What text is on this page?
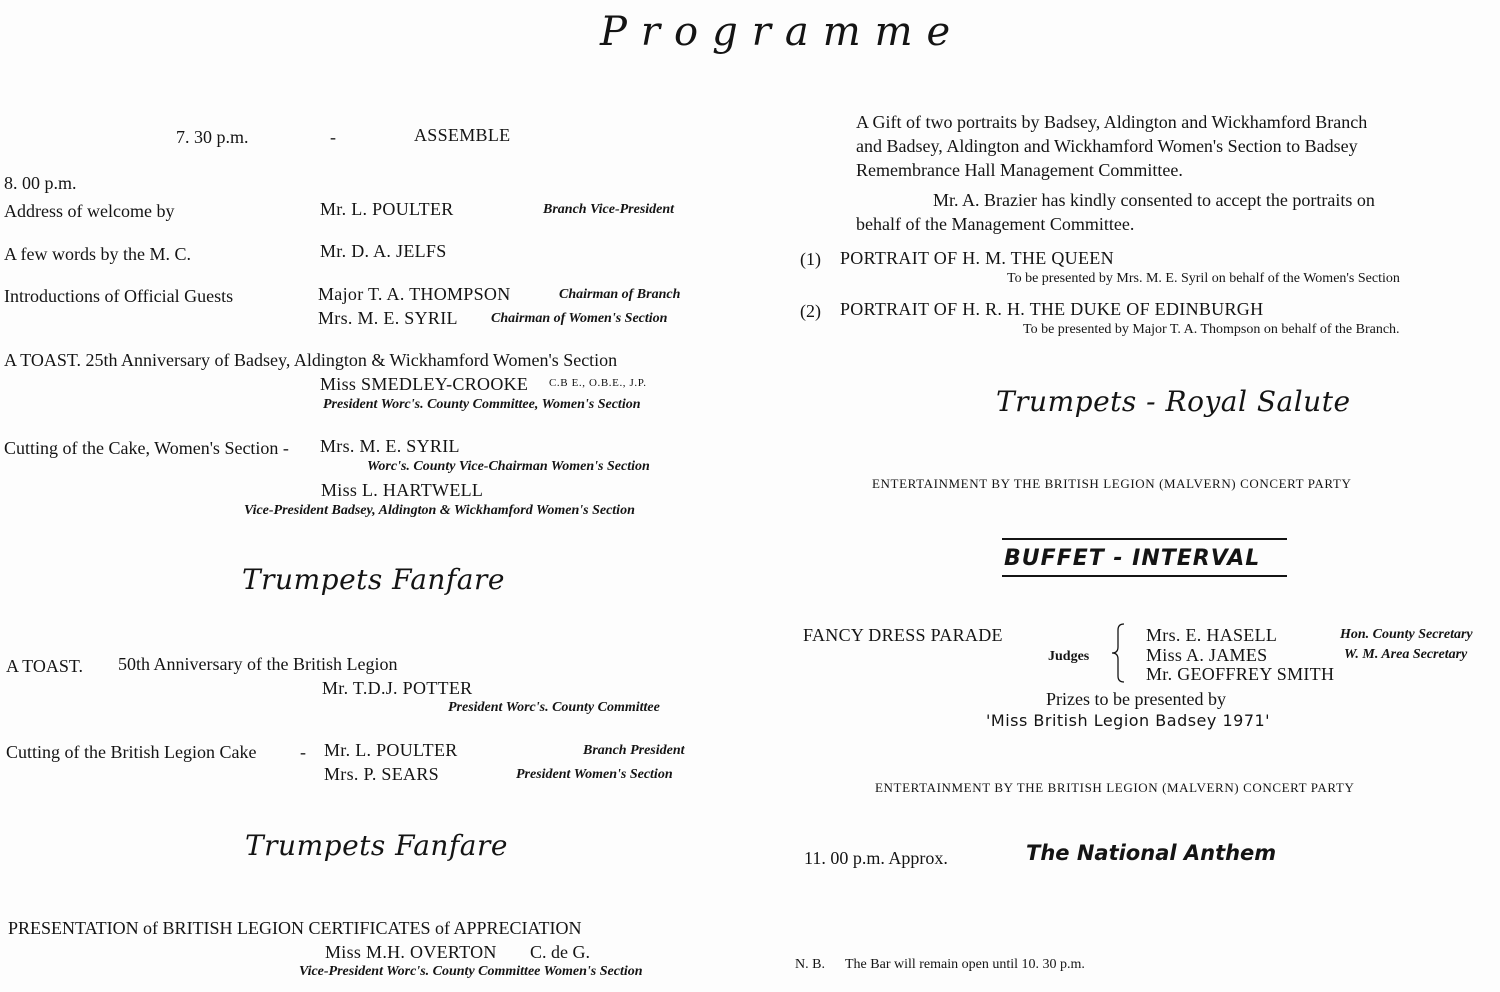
Programme
7. 30 p.m.	-	ASSEMBLE
8. 00 p.m.
Address of welcome by	Mr. L. POULTER	Branch Vice-President
A few words by the M. C.	Mr. D. A. JELFS
Introductions of Official Guests	Major T. A. THOMPSON	Chairman of Branch
Mrs. M. E. SYRIL Chairman of Women's Section
A TOAST. 25th Anniversary of Badsey, Aldington & Wickhamford Women's Section
Miss SMEDLEY-CROOKE C.B E., O.B.E., J.P.
President Worc's. County Committee, Women's Section
Cutting of the Cake, Women's Section - Mrs. M. E. SYRIL
Worc's. County Vice-Chairman Women's Section
Miss L. HARTWELL
Vice-President Badsey, Aldington & Wickhamford Women's Section
Trumpets Fanfare
A TOAST. 50th Anniversary of the British Legion
Mr. T.D.J. POTTER
President Worc's. County Committee
Cutting of the British Legion Cake - Mr. L. POULTER	Branch President
Mrs. P. SEARS	President Women's Section
Trumpets Fanfare
PRESENTATION of BRITISH LEGION CERTIFICATES of APPRECIATION
Miss M.H. OVERTON C. de G.
Vice-President Worc's. County Committee Women's Section
A Gift of two portraits by Badsey, Aldington and Wickhamford Branch
and Badsey, Aldington and Wickhamford Women's Section to Badsey
Remembrance Hall Management Committee.
Mr. A. Brazier has kindly consented to accept the portraits on
behalf of the Management Committee.
(1) PORTRAIT OF H. M. THE QUEEN
To be presented by Mrs. M. E. Syril on behalf of the Women's Section
(2) PORTRAIT OF H. R. H. THE DUKE OF EDINBURGH
To be presented by Major T. A. Thompson on behalf of the Branch.
Trumpets - Royal Salute
ENTERTAINMENT BY THE BRITISH LEGION (MALVERN) CONCERT PARTY
BUFFET - INTERVAL
FANCY DRESS PARADE
Judges
Mrs. E. HASELL	Hon. County Secretary
Miss A. JAMES	W. M. Area Secretary
Mr. GEOFFREY SMITH
Prizes to be presented by
'Miss British Legion Badsey 1971'
ENTERTAINMENT BY THE BRITISH LEGION (MALVERN) CONCERT PARTY
11. 00 p.m. Approx.	The National Anthem
N. B. The Bar will remain open until 10. 30 p.m.
